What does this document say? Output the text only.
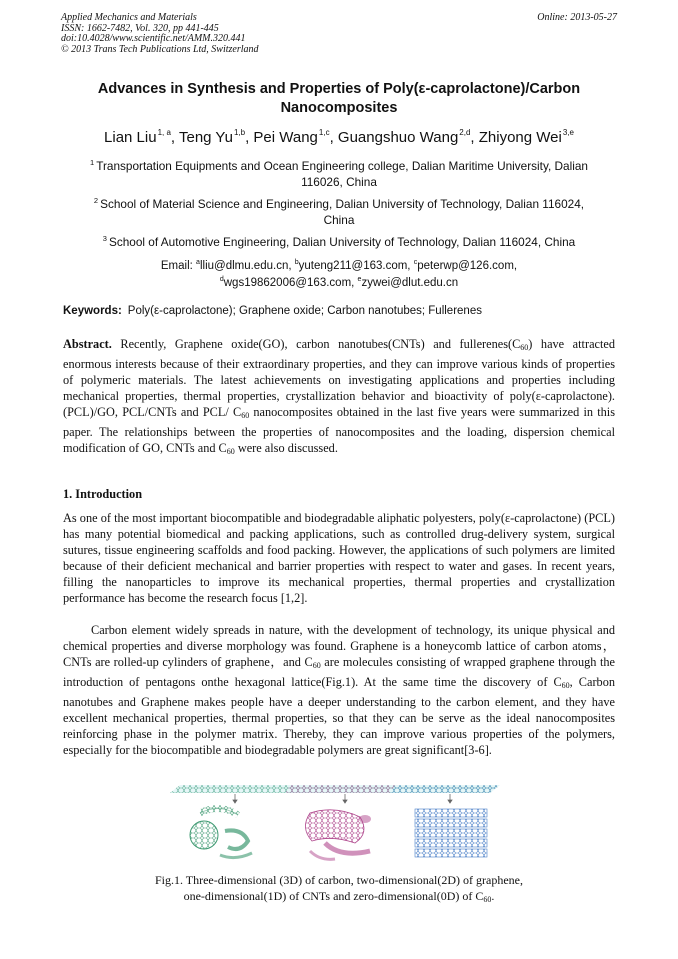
Applied Mechanics and Materials
ISSN: 1662-7482, Vol. 320, pp 441-445
doi:10.4028/www.scientific.net/AMM.320.441
© 2013 Trans Tech Publications Ltd, Switzerland
Online: 2013-05-27
Advances in Synthesis and Properties of Poly(ε-caprolactone)/Carbon
Nanocomposites
Lian Liu$^{1, a}$, Teng Yu$^{1,b}$, Pei Wang$^{1,c}$, Guangshuo Wang$^{2,d}$, Zhiyong Wei$^{3,e}$
$^1$ Transportation Equipments and Ocean Engineering college, Dalian Maritime University, Dalian
116026, China
$^2$ School of Material Science and Engineering, Dalian University of Technology, Dalian 116024,
China
$^3$ School of Automotive Engineering, Dalian University of Technology, Dalian 116024, China
Email: $^a$lliu@dlmu.edu.cn, $^b$yuteng211@163.com, $^c$peterwp@126.com,
$^d$wgs19862006@163.com, $^e$zywei@dlut.edu.cn
Keywords: Poly(ε-caprolactone); Graphene oxide; Carbon nanotubes; Fullerenes
Abstract. Recently, Graphene oxide(GO), carbon nanotubes(CNTs) and $fullerenes(C_{60})$ have attracted enormous interests because of their extraordinary properties, and they can improve various kinds of properties of polymeric materials. The latest achievements on investigating applications and properties including mechanical properties, thermal properties, crystallization behavior and bioactivity of poly(ε-caprolactone). (PCL)/GO, PCL/CNTs and PCL/ $C_{60}$ nanocomposites obtained in the last five years were summarized in this paper. The relationships between the properties of nanocomposites and the loading, dispersion chemical modification of GO, CNTs and $C_{60}$ were also discussed.
1. Introduction
As one of the most important biocompatible and biodegradable aliphatic polyesters, poly(ε-caprolactone) (PCL) has many potential biomedical and packing applications, such as controlled drug-delivery system, surgical sutures, tissue engineering scaffolds and food packing. However, the applications of such polymers are limited because of their deficient mechanical and barrier properties with respect to water and gases. In recent years, filling the nanoparticles to improve its mechanical properties, thermal properties and crystallization performance has become the research focus [1,2].
Carbon element widely spreads in nature, with the development of technology, its unique physical and chemical properties and diverse morphology was found. Graphene is a honeycomb lattice of carbon atoms，CNTs are rolled-up cylinders of graphene，and $C_{60}$ are molecules consisting of wrapped graphene through the introduction of pentagons onthe hexagonal lattice(Fig.1). At the same time the discovery of $C_{60}$, Carbon nanotubes and Graphene makes people have a deeper understanding to the carbon element, and they have excellent mechanical properties, thermal properties, so that they can be serve as the ideal nanocomposites reinforcing phase in the polymer matrix. Thereby, they can improve various properties of the polymers, especially for the biocompatible and biodegradable polymers are great significant[3-6].
Fig.1. Three-dimensional (3D) of carbon, two-dimensional(2D) of graphene,
one-dimensional(1D) of CNTs and zero-dimensional(0D) of $C_{60}$.
